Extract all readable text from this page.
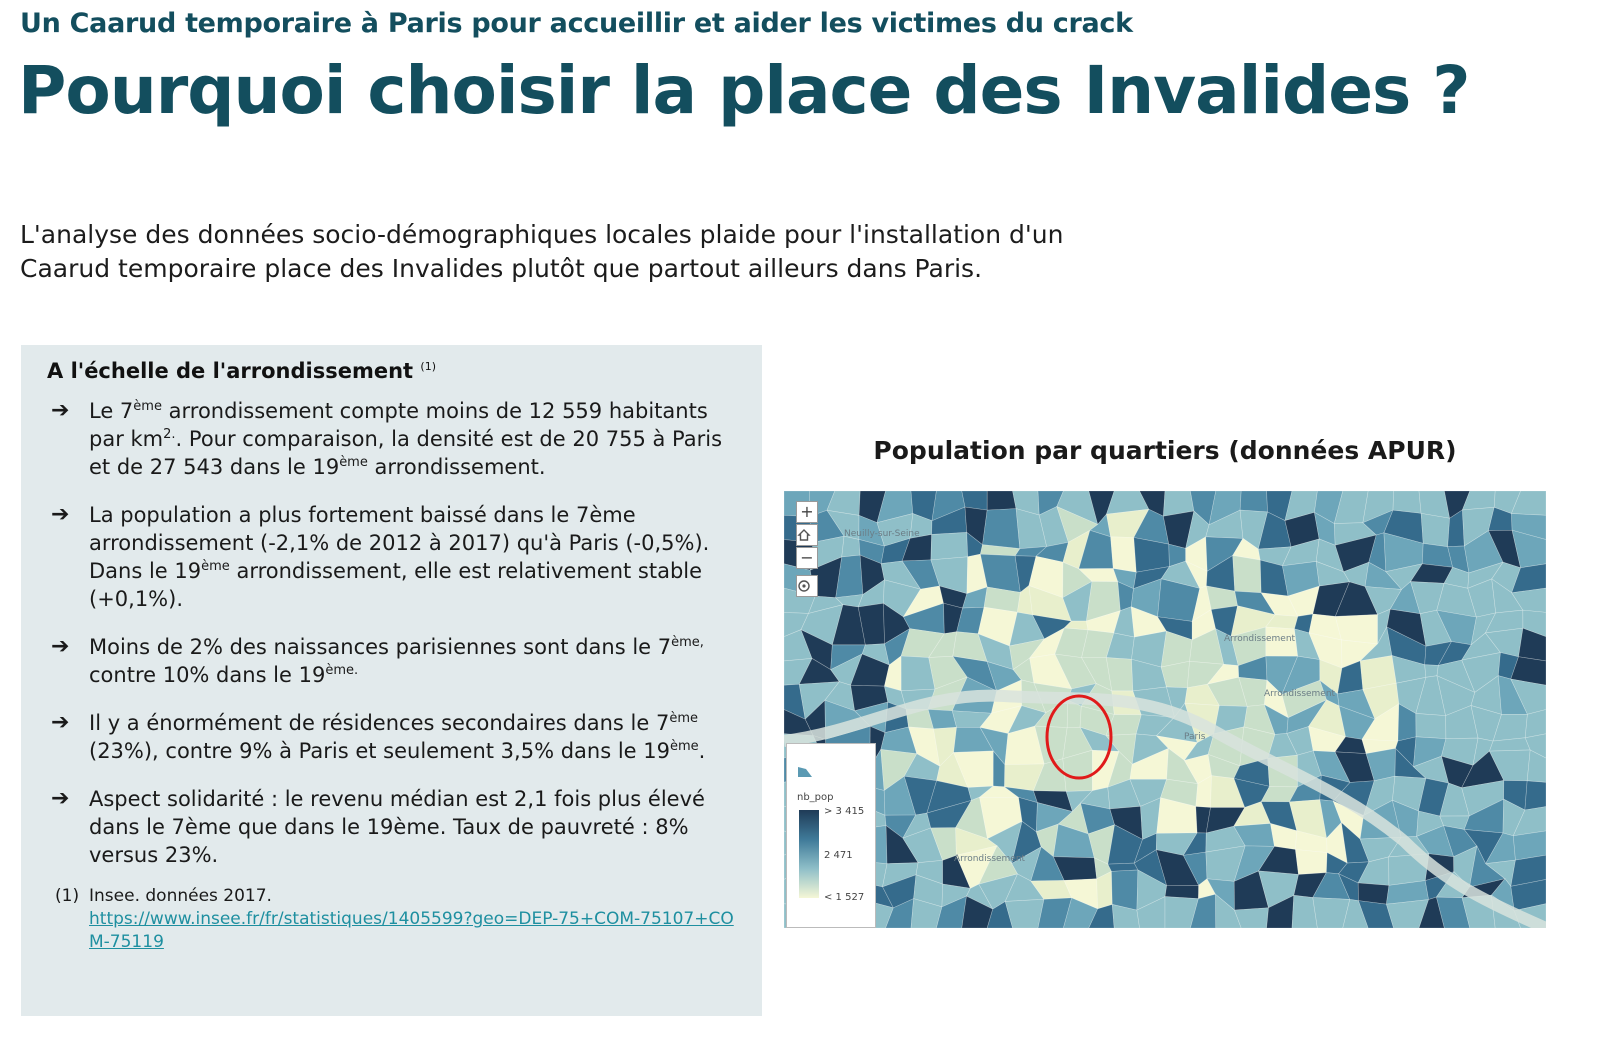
Un Caarud temporaire à Paris pour accueillir et aider les victimes du crack
Pourquoi choisir la place des Invalides ?

L'analyse des données socio-démographiques locales plaide pour l'installation d'un
Caarud temporaire place des Invalides plutôt que partout ailleurs dans Paris.

A l'échelle de l'arrondissement $^{(1)}$
➔ Le 7ème arrondissement compte moins de 12 559 habitants par $km^{2.}$. Pour comparaison, la densité est de 20 755 à Paris et de 27 543 dans le 19ème arrondissement.
➔ La population a plus fortement baissé dans le 7ème arrondissement (-2,1% de 2012 à 2017) qu'à Paris (-0,5%). Dans le 19ème arrondissement, elle est relativement stable (+0,1%).
➔ Moins de 2% des naissances parisiennes sont dans le $7^{ème,}$ contre 10% dans le $19^{ème.}$
➔ Il y a énormément de résidences secondaires dans le 7ème (23%), contre 9% à Paris et seulement 3,5% dans le 19ème.
➔ Aspect solidarité : le revenu médian est 2,1 fois plus élevé dans le 7ème que dans le 19ème. Taux de pauvreté : 8% versus 23%.
(1) Insee. données 2017.
https://www.insee.fr/fr/statistiques/1405599?geo=DEP-75+COM-75107+COM-75119
Population par quartiers (données APUR)
Neuilly-sur-Seine
Arrondissement
Arrondissement
Paris
Arrondissement
+
−
nb_pop
> 3 415
2 471
< 1 527
